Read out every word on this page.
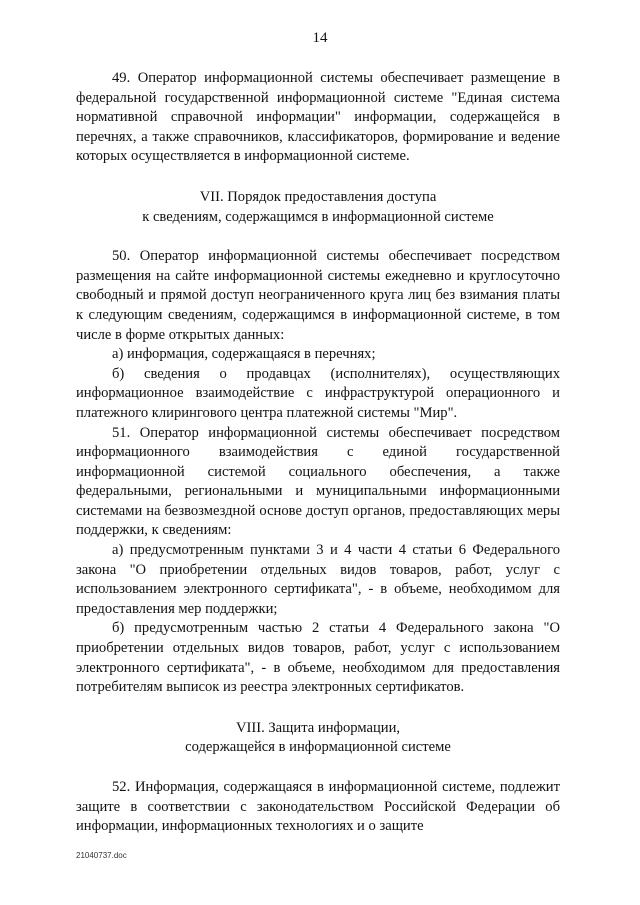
14

49. Оператор информационной системы обеспечивает размещение в федеральной государственной информационной системе "Единая система нормативной справочной информации" информации, содержащейся в перечнях, а также справочников, классификаторов, формирование и ведение которых осуществляется в информационной системе.

VII. Порядок предоставления доступа
к сведениям, содержащимся в информационной системе

50. Оператор информационной системы обеспечивает посредством размещения на сайте информационной системы ежедневно и круглосуточно свободный и прямой доступ неограниченного круга лиц без взимания платы к следующим сведениям, содержащимся в информационной системе, в том числе в форме открытых данных:

а) информация, содержащаяся в перечнях;

б) сведения о продавцах (исполнителях), осуществляющих информационное взаимодействие с инфраструктурой операционного и платежного клирингового центра платежной системы "Мир".

51. Оператор информационной системы обеспечивает посредством информационного взаимодействия с единой государственной информационной системой социального обеспечения, а также федеральными, региональными и муниципальными информационными системами на безвозмездной основе доступ органов, предоставляющих меры поддержки, к сведениям:

а) предусмотренным пунктами 3 и 4 части 4 статьи 6 Федерального закона "О приобретении отдельных видов товаров, работ, услуг с использованием электронного сертификата", - в объеме, необходимом для предоставления мер поддержки;

б) предусмотренным частью 2 статьи 4 Федерального закона "О приобретении отдельных видов товаров, работ, услуг с использованием электронного сертификата", - в объеме, необходимом для предоставления потребителям выписок из реестра электронных сертификатов.

VIII. Защита информации,
содержащейся в информационной системе

52. Информация, содержащаяся в информационной системе, подлежит защите в соответствии с законодательством Российской Федерации об информации, информационных технологиях и о защите

21040737.doc
